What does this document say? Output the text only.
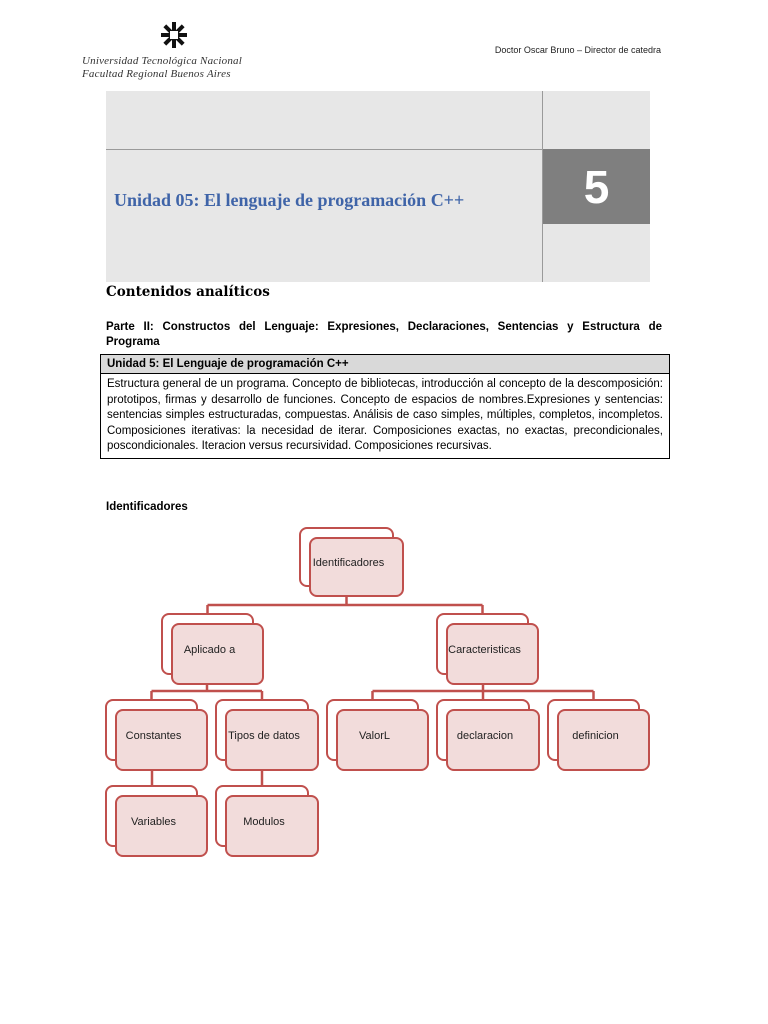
Universidad Tecnológica Nacional
Facultad Regional Buenos Aires
Doctor Oscar Bruno – Director de catedra
5
Unidad 05: El lenguaje de programación C++
Contenidos analíticos
Parte II: Constructos del Lenguaje: Expresiones, Declaraciones, Sentencias y Estructura de Programa
Unidad 5: El Lenguaje de programación C++
Estructura general de un programa. Concepto de bibliotecas, introducción al concepto de la descomposición: prototipos, firmas y desarrollo de funciones. Concepto de espacios de nombres.Expresiones y sentencias: sentencias simples estructuradas, compuestas. Análisis de caso simples, múltiples, completos, incompletos. Composiciones iterativas: la necesidad de iterar. Composiciones exactas, no exactas, precondicionales, poscondicionales. Iteracion versus recursividad. Composiciones recursivas.
Identificadores
Identificadores
Aplicado a	Caracteristicas
Constantes	Tipos de datos	ValorL	declaracion	definicion
Variables	Modulos
